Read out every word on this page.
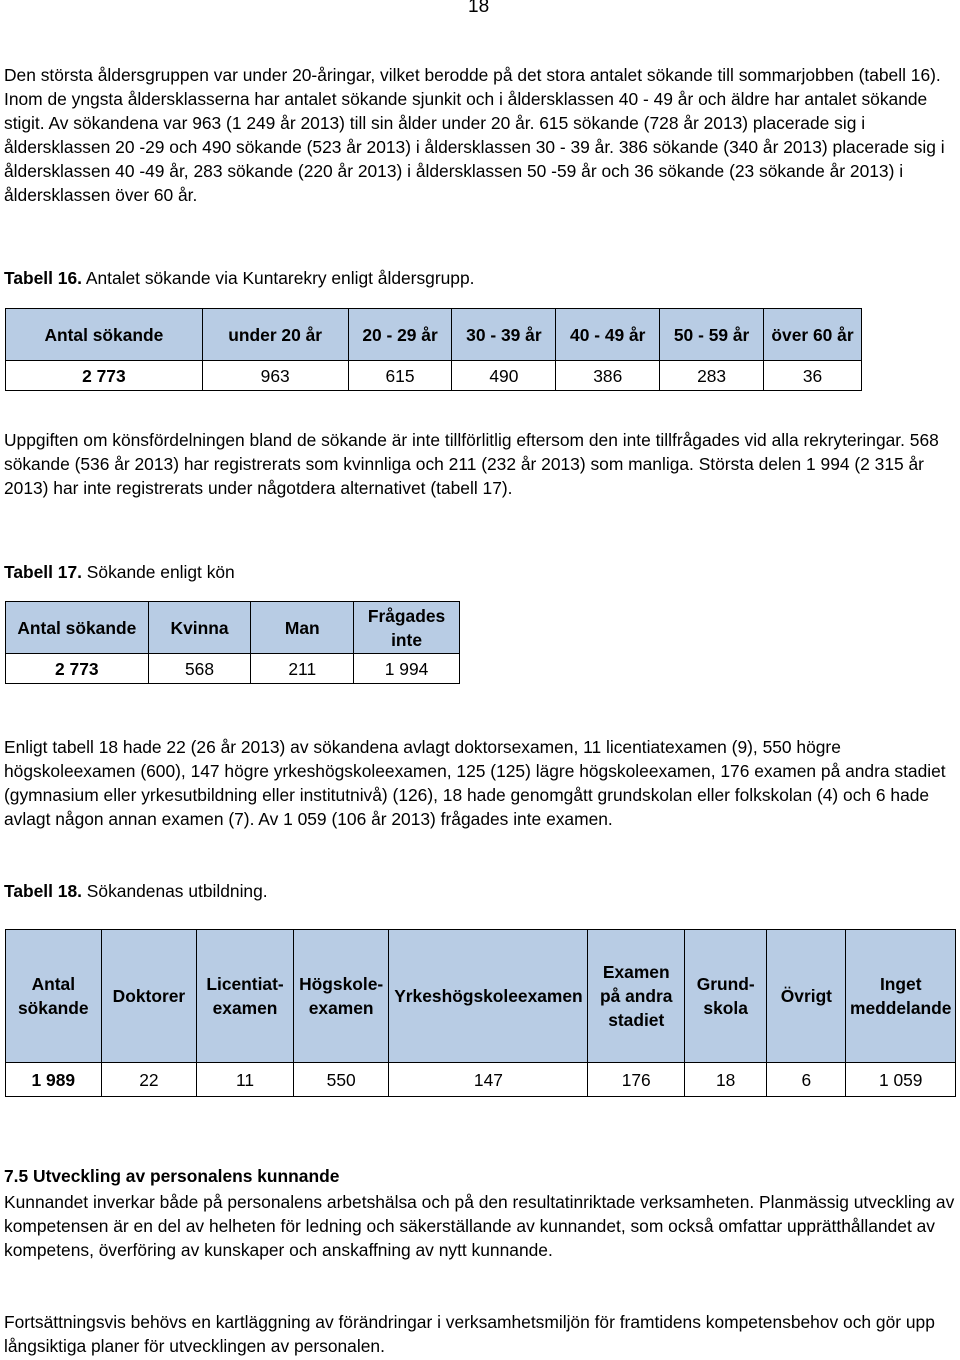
18

Den största åldersgruppen var under 20-åringar, vilket berodde på det stora antalet sökande till sommarjobben (tabell 16). Inom de yngsta åldersklasserna har antalet sökande sjunkit och i åldersklassen 40 - 49 år och äldre har antalet sökande stigit. Av sökandena var 963 (1 249 år 2013) till sin ålder under 20 år. 615 sökande (728 år 2013) placerade sig i åldersklassen 20 -29 och 490 sökande (523 år 2013) i åldersklassen 30 - 39 år. 386 sökande (340 år 2013) placerade sig i åldersklassen 40 -49 år, 283 sökande (220 år 2013) i åldersklassen 50 -59 år och 36 sökande (23 sökande år 2013) i åldersklassen över 60 år.

Tabell 16. Antalet sökande via Kuntarekry enligt åldersgrupp.

Antal sökande	under 20 år	20 - 29 år	30 - 39 år	40 - 49 år	50 - 59 år	över 60 år
2 773	963	615	490	386	283	36

Uppgiften om könsfördelningen bland de sökande är inte tillförlitlig eftersom den inte tillfrågades vid alla rekryteringar. 568 sökande (536 år 2013) har registrerats som kvinnliga och 211 (232 år 2013) som manliga. Största delen 1 994 (2 315 år 2013) har inte registrerats under någotdera alternativet (tabell 17).

Tabell 17. Sökande enligt kön

Antal sökande	Kvinna	Man	Frågades inte
2 773	568	211	1 994

Enligt tabell 18 hade 22 (26 år 2013) av sökandena avlagt doktorsexamen, 11 licentiatexamen (9), 550 högre högskoleexamen (600), 147 högre yrkeshögskoleexamen, 125 (125) lägre högskoleexamen, 176 examen på andra stadiet (gymnasium eller yrkesutbildning eller institutnivå) (126), 18 hade genomgått grundskolan eller folkskolan (4) och 6 hade avlagt någon annan examen (7). Av 1 059 (106 år 2013) frågades inte examen.

Tabell 18. Sökandenas utbildning.

Antal sökande	Doktorer	Licentiat-examen	Högskole-examen	Yrkeshögskoleexamen	Examen på andra stadiet	Grund-skola	Övrigt	Inget meddelande
1 989	22	11	550	147	176	18	6	1 059
7.5 Utveckling av personalens kunnande

Kunnandet inverkar både på personalens arbetshälsa och på den resultatinriktade verksamheten. Planmässig utveckling av kompetensen är en del av helheten för ledning och säkerställande av kunnandet, som också omfattar upprätthållandet av kompetens, överföring av kunskaper och anskaffning av nytt kunnande.

Fortsättningsvis behövs en kartläggning av förändringar i verksamhetsmiljön för framtidens kompetensbehov och gör upp långsiktiga planer för utvecklingen av personalen.
